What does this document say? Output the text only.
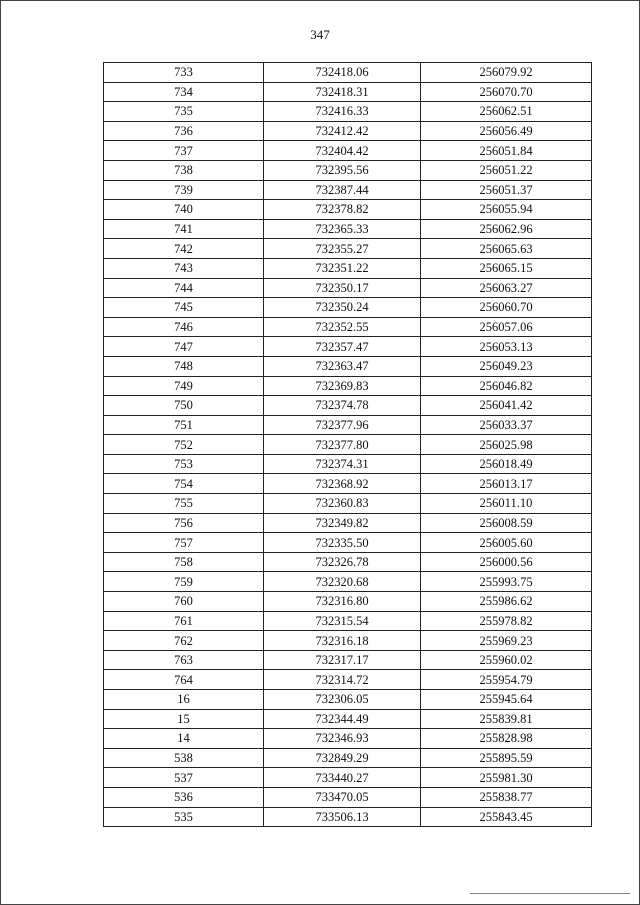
347
733	732418.06	256079.92
734	732418.31	256070.70
735	732416.33	256062.51
736	732412.42	256056.49
737	732404.42	256051.84
738	732395.56	256051.22
739	732387.44	256051.37
740	732378.82	256055.94
741	732365.33	256062.96
742	732355.27	256065.63
743	732351.22	256065.15
744	732350.17	256063.27
745	732350.24	256060.70
746	732352.55	256057.06
747	732357.47	256053.13
748	732363.47	256049.23
749	732369.83	256046.82
750	732374.78	256041.42
751	732377.96	256033.37
752	732377.80	256025.98
753	732374.31	256018.49
754	732368.92	256013.17
755	732360.83	256011.10
756	732349.82	256008.59
757	732335.50	256005.60
758	732326.78	256000.56
759	732320.68	255993.75
760	732316.80	255986.62
761	732315.54	255978.82
762	732316.18	255969.23
763	732317.17	255960.02
764	732314.72	255954.79
16	732306.05	255945.64
15	732344.49	255839.81
14	732346.93	255828.98
538	732849.29	255895.59
537	733440.27	255981.30
536	733470.05	255838.77
535	733506.13	255843.45
